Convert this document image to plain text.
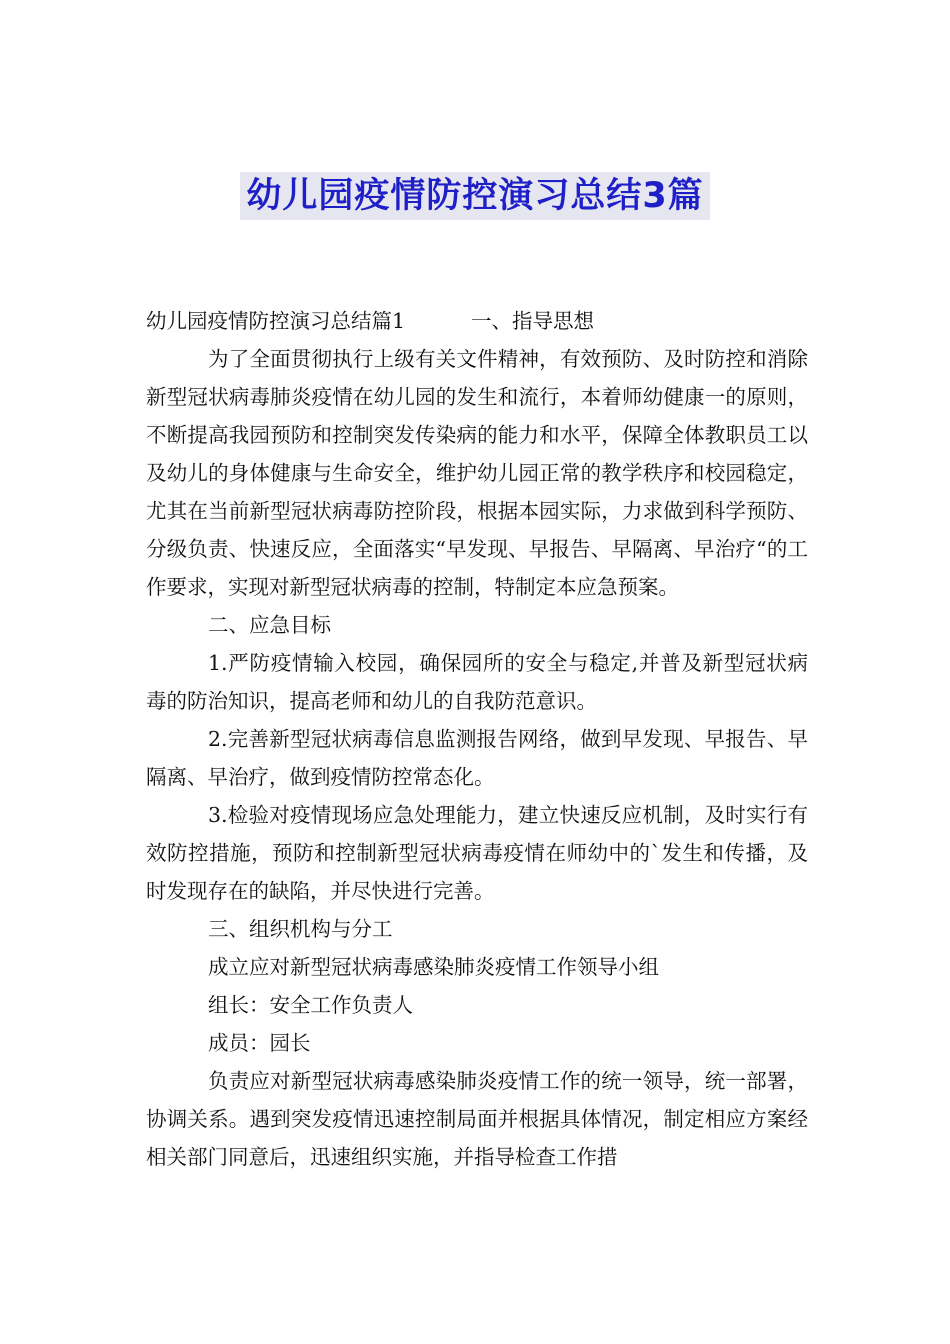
幼儿园疫情防控演习总结3篇

幼儿园疫情防控演习总结篇1	一、指导思想

为了全面贯彻执行上级有关文件精神，有效预防、及时防控和消除新型冠状病毒肺炎疫情在幼儿园的发生和流行，本着师幼健康一的原则，不断提高我园预防和控制突发传染病的能力和水平，保障全体教职员工以及幼儿的身体健康与生命安全，维护幼儿园正常的教学秩序和校园稳定，尤其在当前新型冠状病毒防控阶段，根据本园实际，力求做到科学预防、分级负责、快速反应，全面落实“早发现、早报告、早隔离、早治疗“的工作要求，实现对新型冠状病毒的控制，特制定本应急预案。

二、应急目标

1.严防疫情输入校园，确保园所的安全与稳定,并普及新型冠状病毒的防治知识，提高老师和幼儿的自我防范意识。

2.完善新型冠状病毒信息监测报告网络，做到早发现、早报告、早隔离、早治疗，做到疫情防控常态化。

3.检验对疫情现场应急处理能力，建立快速反应机制，及时实行有效防控措施，预防和控制新型冠状病毒疫情在师幼中的`发生和传播，及时发现存在的缺陷，并尽快进行完善。

三、组织机构与分工

成立应对新型冠状病毒感染肺炎疫情工作领导小组

组长：安全工作负责人

成员：园长

负责应对新型冠状病毒感染肺炎疫情工作的统一领导，统一部署，协调关系。遇到突发疫情迅速控制局面并根据具体情况，制定相应方案经相关部门同意后，迅速组织实施，并指导检查工作措
